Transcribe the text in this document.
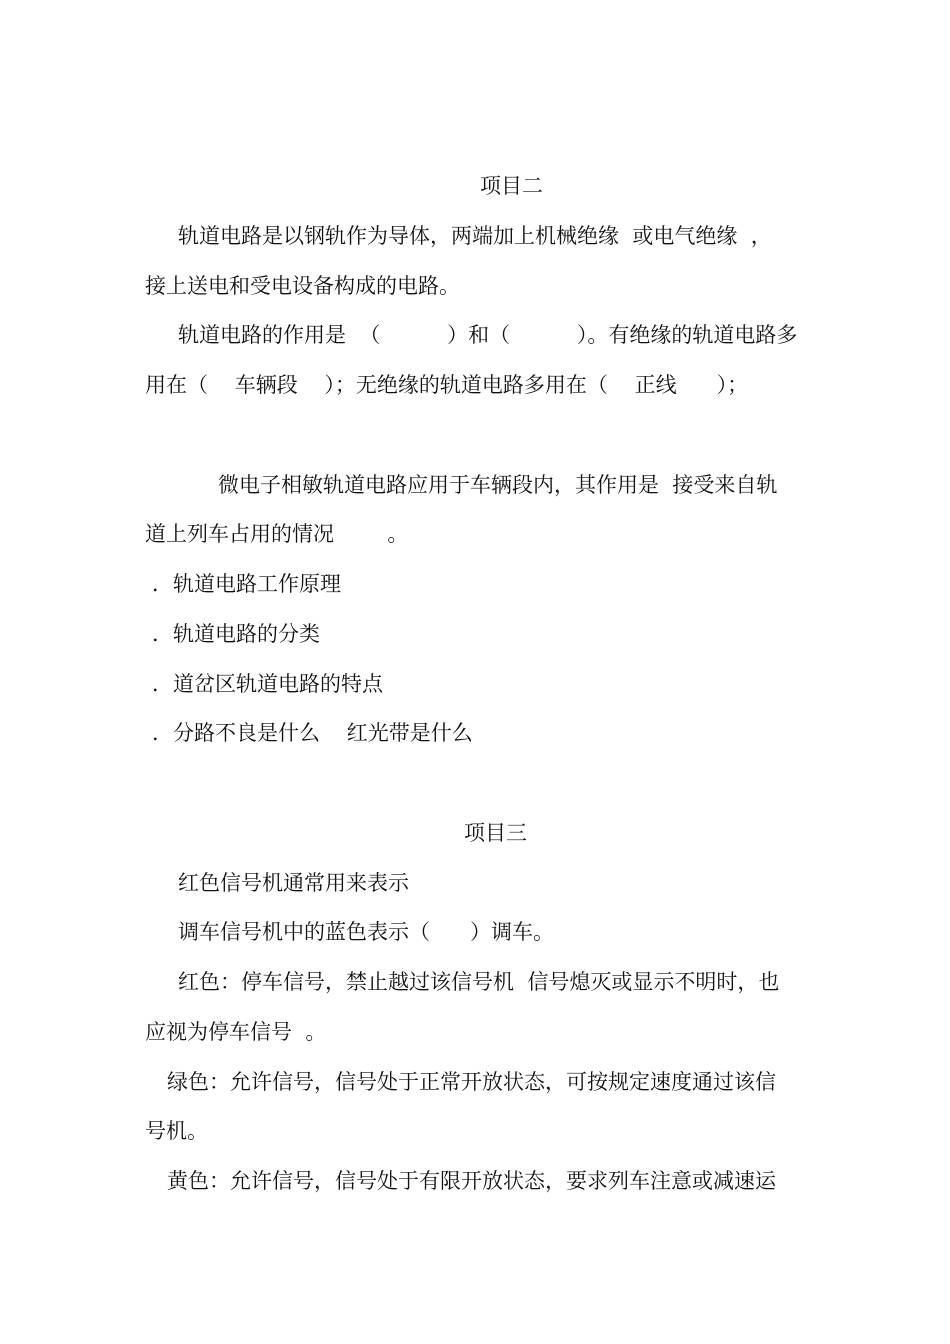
项目二

轨道电路是以钢轨作为导体，两端加上机械绝缘  或电气绝缘  ，

接上送电和受电设备构成的电路。

轨道电路的作用是  （          ）和（          ）。有绝缘的轨道电路多

用在（    车辆段    ）；无绝缘的轨道电路多用在（    正线      ）；

微电子相敏轨道电路应用于车辆段内，其作用是  接受来自轨

道上列车占用的情况        。

．轨道电路工作原理

．轨道电路的分类

．道岔区轨道电路的特点

．分路不良是什么    红光带是什么

项目三

红色信号机通常用来表示

调车信号机中的蓝色表示（      ）调车。

红色：停车信号，禁止越过该信号机  信号熄灭或显示不明时，也

应视为停车信号  。

绿色：允许信号，信号处于正常开放状态，可按规定速度通过该信

号机。

黄色：允许信号，信号处于有限开放状态，要求列车注意或减速运
